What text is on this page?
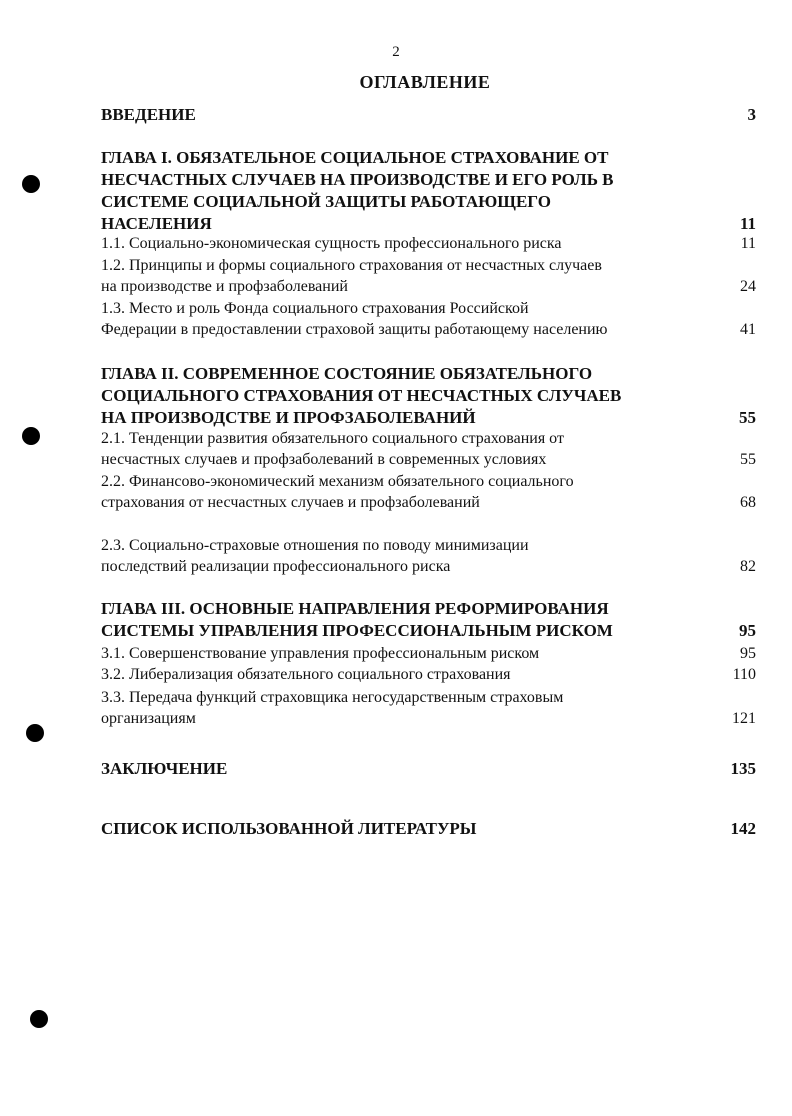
2
ОГЛАВЛЕНИЕ
ВВЕДЕНИЕ	3
ГЛАВА I. ОБЯЗАТЕЛЬНОЕ СОЦИАЛЬНОЕ СТРАХОВАНИЕ ОТ
НЕСЧАСТНЫХ СЛУЧАЕВ НА ПРОИЗВОДСТВЕ И ЕГО РОЛЬ В
СИСТЕМЕ СОЦИАЛЬНОЙ ЗАЩИТЫ РАБОТАЮЩЕГО
НАСЕЛЕНИЯ	11
1.1. Социально-экономическая сущность профессионального риска	11
1.2. Принципы и формы социального страхования от несчастных случаев
на производстве и профзаболеваний	24
1.3. Место и роль Фонда социального страхования Российской
Федерации в предоставлении страховой защиты работающему населению	41
ГЛАВА II. СОВРЕМЕННОЕ СОСТОЯНИЕ ОБЯЗАТЕЛЬНОГО
СОЦИАЛЬНОГО СТРАХОВАНИЯ ОТ НЕСЧАСТНЫХ СЛУЧАЕВ
НА ПРОИЗВОДСТВЕ И ПРОФЗАБОЛЕВАНИЙ	55
2.1. Тенденции развития обязательного социального страхования от
несчастных случаев и профзаболеваний в современных условиях	55
2.2. Финансово-экономический механизм обязательного социального
страхования от несчастных случаев и профзаболеваний	68
2.3. Социально-страховые отношения по поводу минимизации
последствий реализации профессионального риска	82
ГЛАВА III. ОСНОВНЫЕ НАПРАВЛЕНИЯ РЕФОРМИРОВАНИЯ
СИСТЕМЫ УПРАВЛЕНИЯ ПРОФЕССИОНАЛЬНЫМ РИСКОМ	95
3.1. Совершенствование управления профессиональным риском	95
3.2. Либерализация обязательного социального страхования	110
3.3. Передача функций страховщика негосударственным страховым
организациям	121
ЗАКЛЮЧЕНИЕ	135
СПИСОК ИСПОЛЬЗОВАННОЙ ЛИТЕРАТУРЫ	142
